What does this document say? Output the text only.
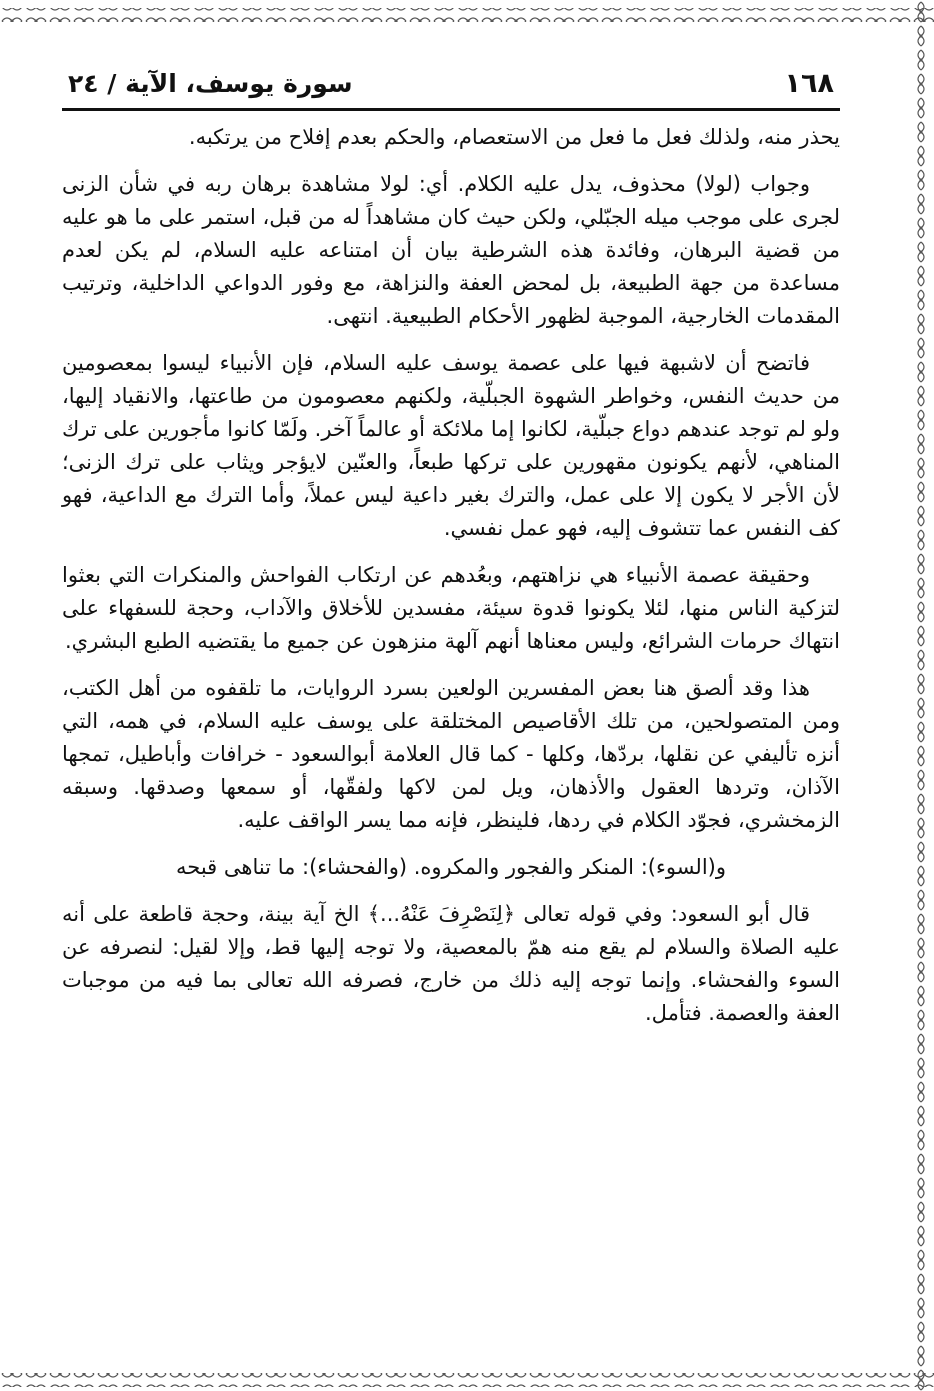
١٦٨
سورة يوسف، الآية / ٢٤

يحذر منه، ولذلك فعل ما فعل من الاستعصام، والحكم بعدم إفلاح من يرتكبه.

وجواب (لولا) محذوف، يدل عليه الكلام. أي: لولا مشاهدة برهان ربه في شأن الزنى لجرى على موجب ميله الجبّلي، ولكن حيث كان مشاهداً له من قبل، استمر على ما هو عليه من قضية البرهان، وفائدة هذه الشرطية بيان أن امتناعه عليه السلام، لم يكن لعدم مساعدة من جهة الطبيعة، بل لمحض العفة والنزاهة، مع وفور الدواعي الداخلية، وترتيب المقدمات الخارجية، الموجبة لظهور الأحكام الطبيعية. انتهى.

فاتضح أن لاشبهة فيها على عصمة يوسف عليه السلام، فإن الأنبياء ليسوا بمعصومين من حديث النفس، وخواطر الشهوة الجبلّية، ولكنهم معصومون من طاعتها، والانقياد إليها، ولو لم توجد عندهم دواع جبلّية، لكانوا إما ملائكة أو عالماً آخر. ولَمّا كانوا مأجورين على ترك المناهي، لأنهم يكونون مقهورين على تركها طبعاً، والعنّين لايؤجر ويثاب على ترك الزنى؛ لأن الأجر لا يكون إلا على عمل، والترك بغير داعية ليس عملاً، وأما الترك مع الداعية، فهو كف النفس عما تتشوف إليه، فهو عمل نفسي.

وحقيقة عصمة الأنبياء هي نزاهتهم، وبعُدهم عن ارتكاب الفواحش والمنكرات التي بعثوا لتزكية الناس منها، لئلا يكونوا قدوة سيئة، مفسدين للأخلاق والآداب، وحجة للسفهاء على انتهاك حرمات الشرائع، وليس معناها أنهم آلهة منزهون عن جميع ما يقتضيه الطبع البشري.

هذا وقد ألصق هنا بعض المفسرين الولعين بسرد الروايات، ما تلقفوه من أهل الكتب، ومن المتصولحين، من تلك الأقاصيص المختلقة على يوسف عليه السلام، في همه، التي أنزه تأليفي عن نقلها، بردّها، وكلها - كما قال العلامة أبوالسعود - خرافات وأباطيل، تمجها الآذان، وتردها العقول والأذهان، ويل لمن لاكها ولفقّها، أو سمعها وصدقها. وسبقه الزمخشري، فجوّد الكلام في ردها، فلينظر، فإنه مما يسر الواقف عليه.

و(السوء): المنكر والفجور والمكروه. (والفحشاء): ما تناهى قبحه

قال أبو السعود: وفي قوله تعالى ﴿لِنَصْرِفَ عَنْهُ...﴾ الخ آية بينة، وحجة قاطعة على أنه عليه الصلاة والسلام لم يقع منه همّ بالمعصية، ولا توجه إليها قط، وإلا لقيل: لنصرفه عن السوء والفحشاء. وإنما توجه إليه ذلك من خارج، فصرفه الله تعالى بما فيه من موجبات العفة والعصمة. فتأمل.
